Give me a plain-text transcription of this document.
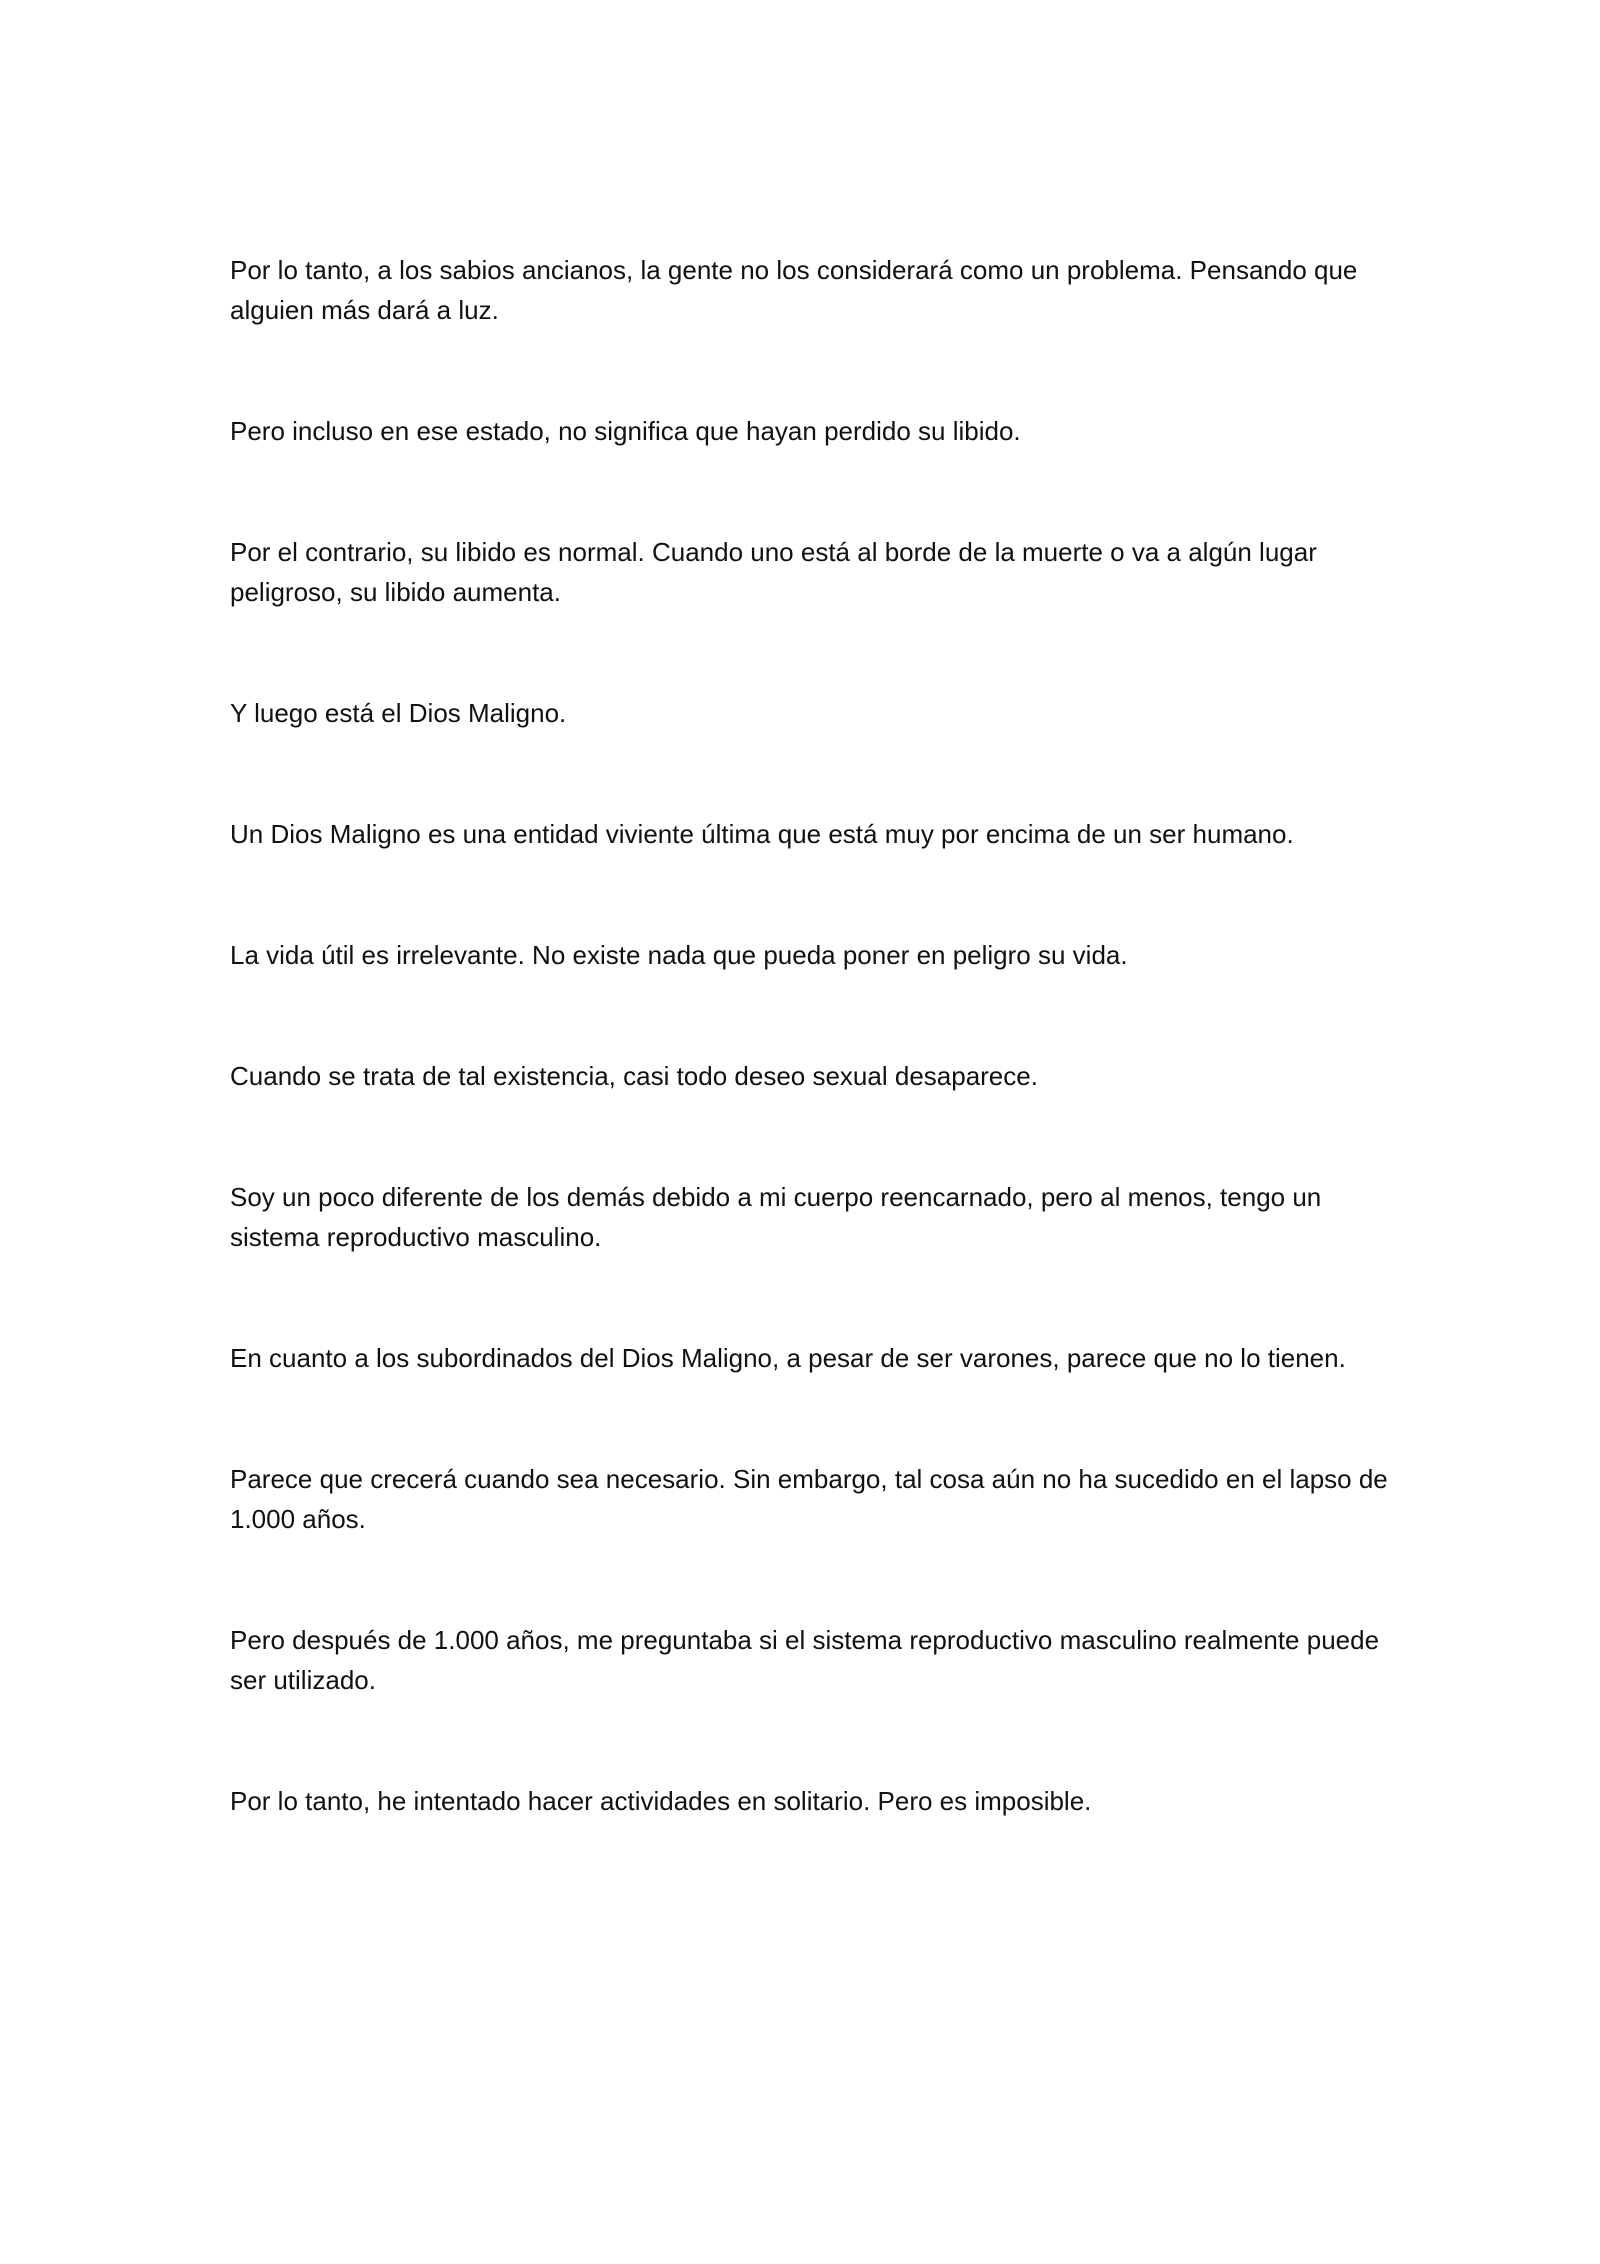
Por lo tanto, a los sabios ancianos, la gente no los considerará como un problema. Pensando que alguien más dará a luz.

Pero incluso en ese estado, no significa que hayan perdido su libido.

Por el contrario, su libido es normal. Cuando uno está al borde de la muerte o va a algún lugar peligroso, su libido aumenta.

Y luego está el Dios Maligno.

Un Dios Maligno es una entidad viviente última que está muy por encima de un ser humano.

La vida útil es irrelevante. No existe nada que pueda poner en peligro su vida.

Cuando se trata de tal existencia, casi todo deseo sexual desaparece.

Soy un poco diferente de los demás debido a mi cuerpo reencarnado, pero al menos, tengo un sistema reproductivo masculino.

En cuanto a los subordinados del Dios Maligno, a pesar de ser varones, parece que no lo tienen.

Parece que crecerá cuando sea necesario. Sin embargo, tal cosa aún no ha sucedido en el lapso de 1.000 años.

Pero después de 1.000 años, me preguntaba si el sistema reproductivo masculino realmente puede ser utilizado.

Por lo tanto, he intentado hacer actividades en solitario. Pero es imposible.
